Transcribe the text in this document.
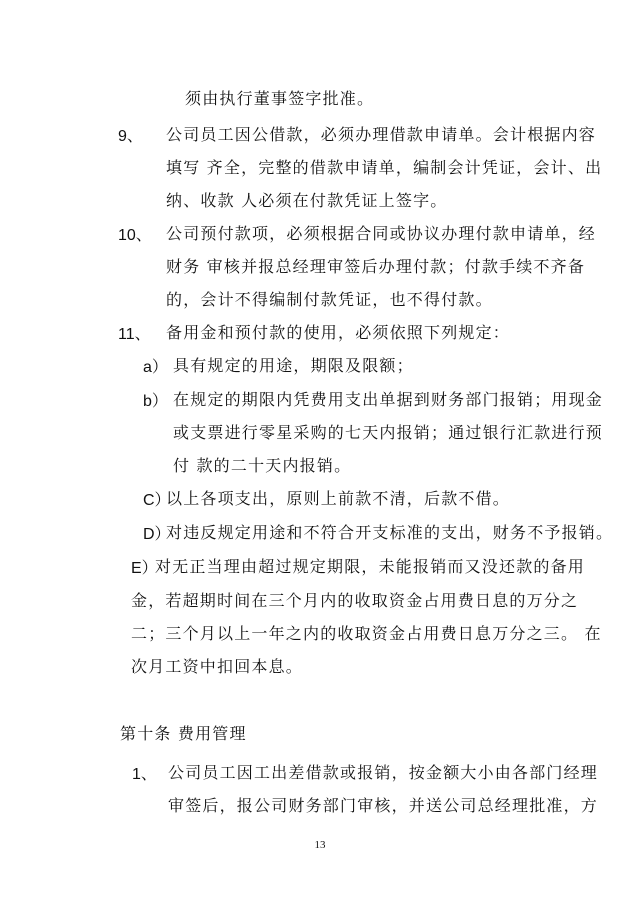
须由执行董事签字批准。
9、 公司员工因公借款，必须办理借款申请单。会计根据内容
填写 齐全，完整的借款申请单，编制会计凭证，会计、出
纳、收款 人必须在付款凭证上签字。
10、 公司预付款项，必须根据合同或协议办理付款申请单，经
财务 审核并报总经理审签后办理付款；付款手续不齐备
的，会计不得编制付款凭证，也不得付款。
11、 备用金和预付款的使用，必须依照下列规定：
a） 具有规定的用途，期限及限额；
b） 在规定的期限内凭费用支出单据到财务部门报销；用现金
或支票进行零星采购的七天内报销；通过银行汇款进行预
付 款的二十天内报销。
C）
以上各项支出，原则上前款不清，后款不借。
D）
对违反规定用途和不符合开支标准的支出，财务不予报销。
E）
对无正当理由超过规定期限，未能报销而又没还款的备用
金，若超期时间在三个月内的收取资金占用费日息的万分之
二；三个月以上一年之内的收取资金占用费日息万分之三。 在
次月工资中扣回本息。
第十条 费用管理
1、 公司员工因工出差借款或报销，按金额大小由各部门经理
审签后，报公司财务部门审核，并送公司总经理批准，方
13
